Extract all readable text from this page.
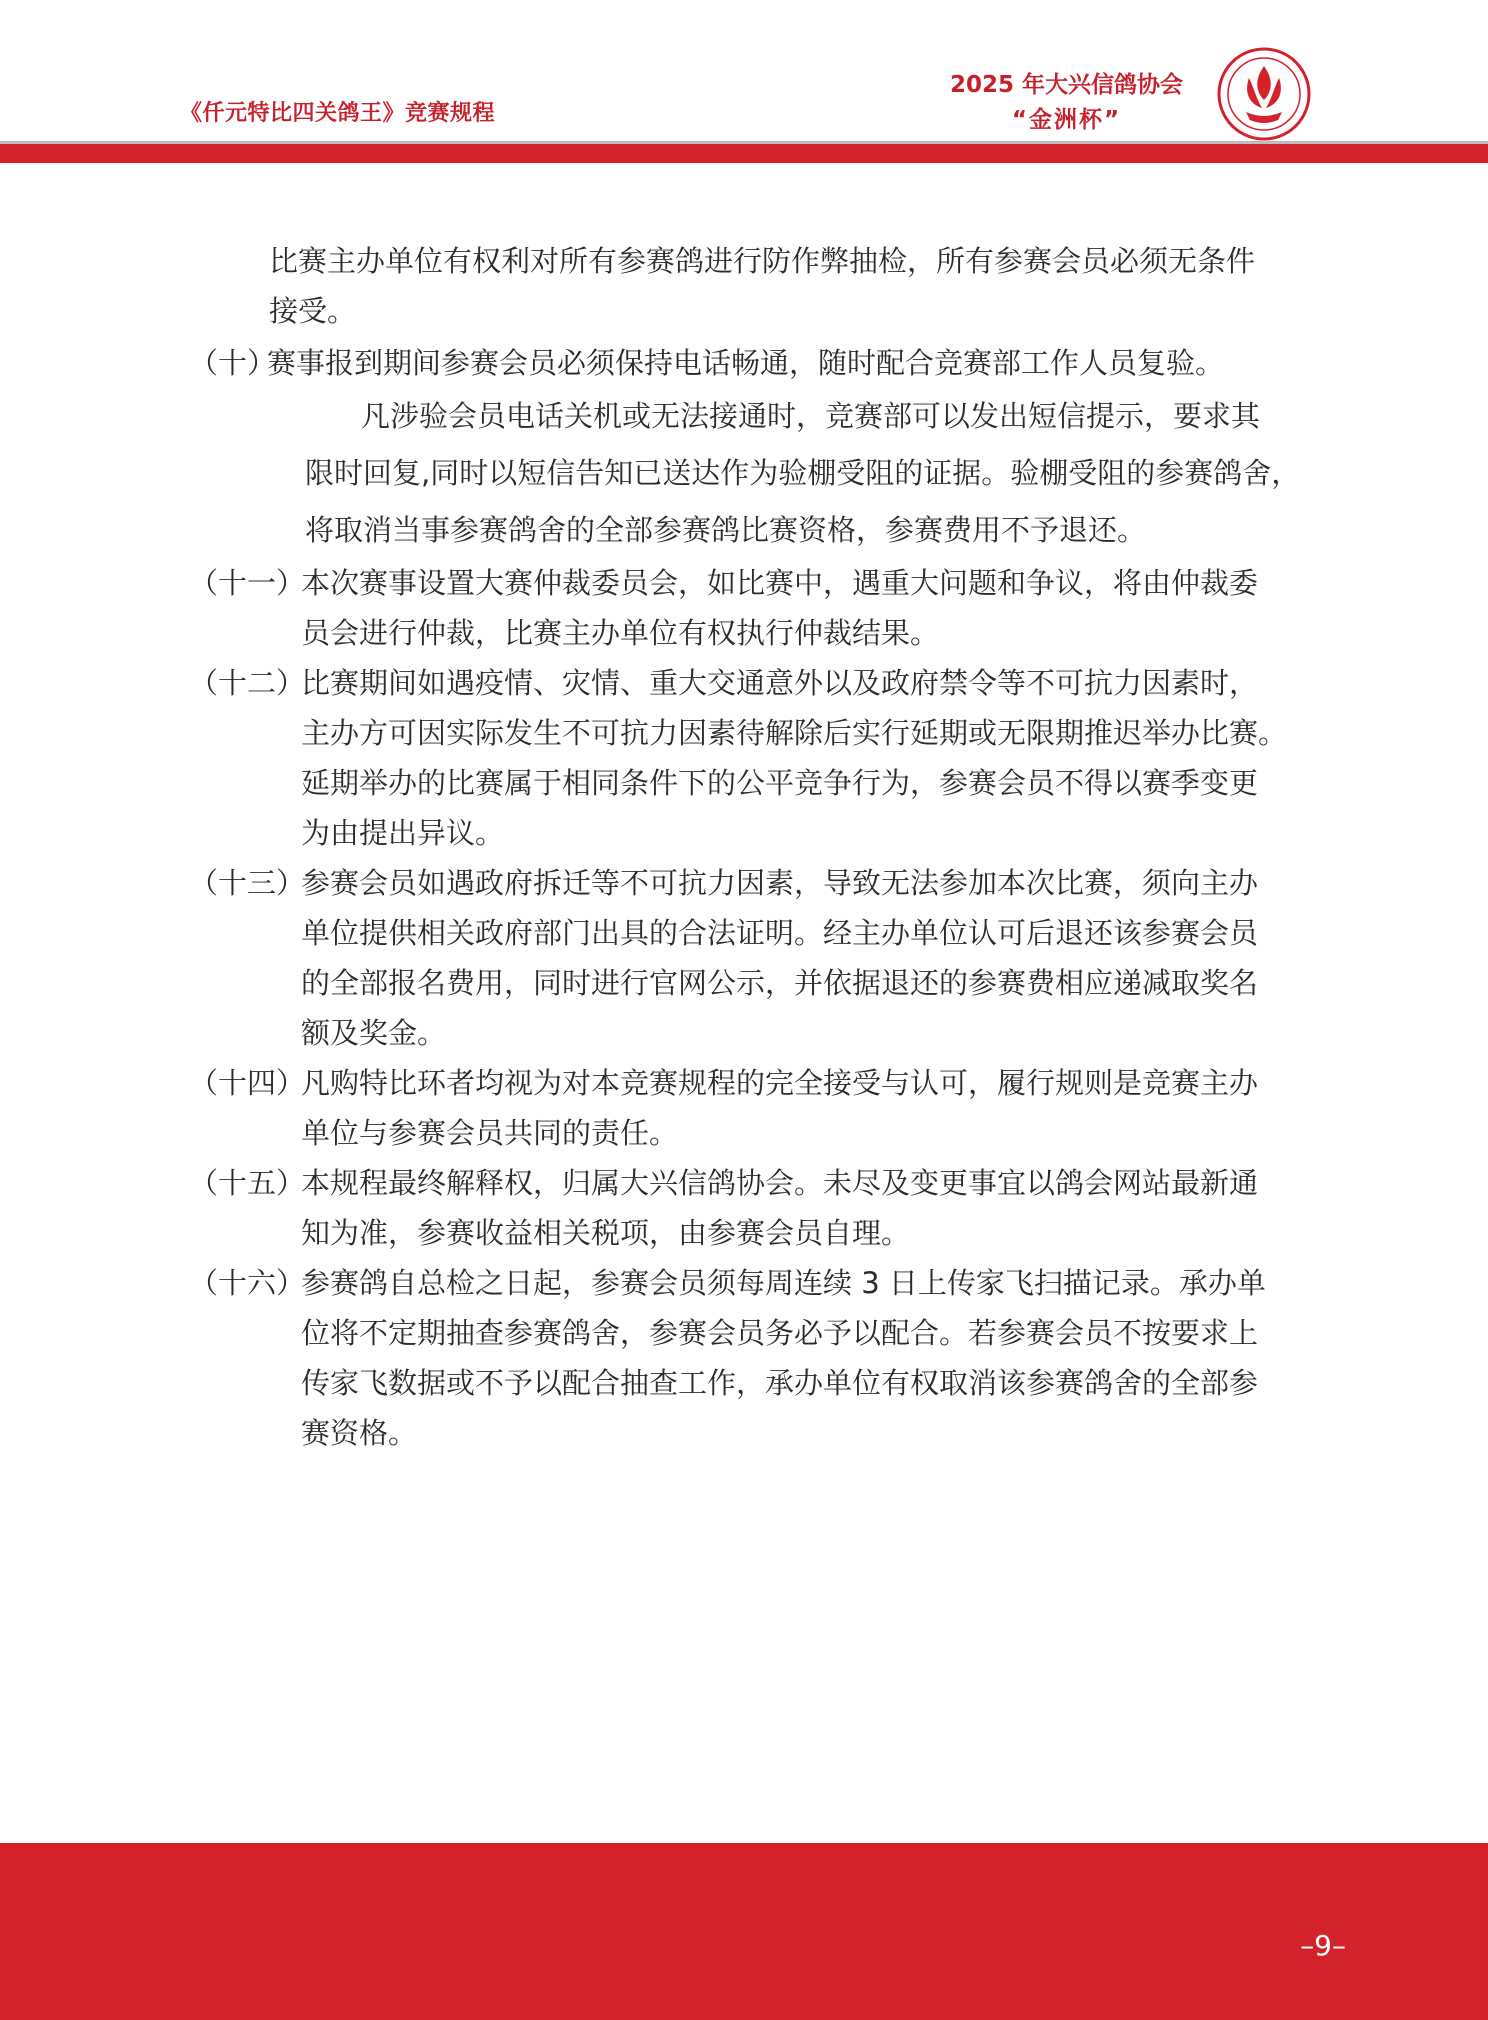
《仟元特比四关鸽王》竞赛规程
2025 年大兴信鸽协会
“金洲杯”
比赛主办单位有权利对所有参赛鸽进行防作弊抽检，所有参赛会员必须无条件
接受。
（十）
赛事报到期间参赛会员必须保持电话畅通，随时配合竞赛部工作人员复验。
凡涉验会员电话关机或无法接通时，竞赛部可以发出短信提示，要求其
限时回复,同时以短信告知已送达作为验棚受阻的证据。验棚受阻的参赛鸽舍，
将取消当事参赛鸽舍的全部参赛鸽比赛资格，参赛费用不予退还。
（十一）
本次赛事设置大赛仲裁委员会，如比赛中，遇重大问题和争议，将由仲裁委
员会进行仲裁，比赛主办单位有权执行仲裁结果。
（十二）
比赛期间如遇疫情、灾情、重大交通意外以及政府禁令等不可抗力因素时，
主办方可因实际发生不可抗力因素待解除后实行延期或无限期推迟举办比赛。
延期举办的比赛属于相同条件下的公平竞争行为，参赛会员不得以赛季变更
为由提出异议。
（十三）
参赛会员如遇政府拆迁等不可抗力因素，导致无法参加本次比赛，须向主办
单位提供相关政府部门出具的合法证明。经主办单位认可后退还该参赛会员
的全部报名费用，同时进行官网公示，并依据退还的参赛费相应递减取奖名
额及奖金。
（十四）
凡购特比环者均视为对本竞赛规程的完全接受与认可，履行规则是竞赛主办
单位与参赛会员共同的责任。
（十五）
本规程最终解释权，归属大兴信鸽协会。未尽及变更事宜以鸽会网站最新通
知为准，参赛收益相关税项，由参赛会员自理。
（十六）
参赛鸽自总检之日起，参赛会员须每周连续 3 日上传家飞扫描记录。承办单
位将不定期抽查参赛鸽舍，参赛会员务必予以配合。若参赛会员不按要求上
传家飞数据或不予以配合抽查工作，承办单位有权取消该参赛鸽舍的全部参
赛资格。
–9–
